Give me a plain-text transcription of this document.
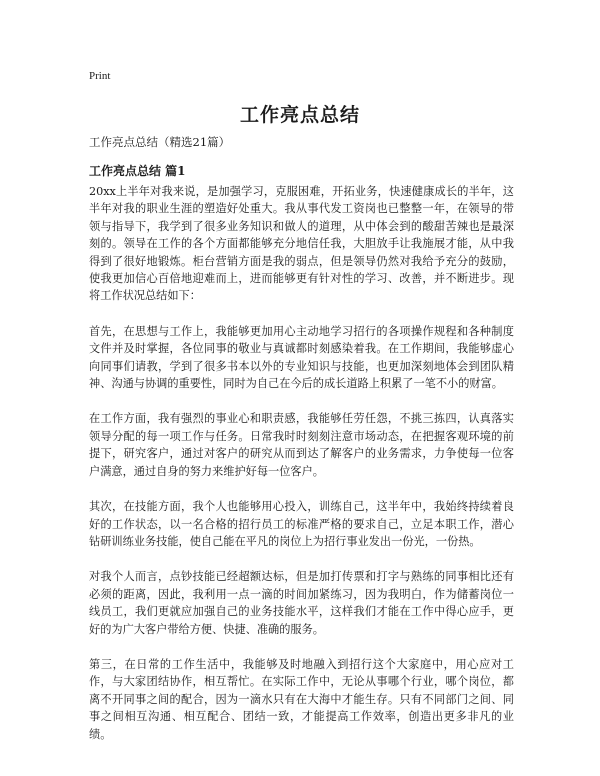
Print
工作亮点总结
工作亮点总结（精选21篇）
工作亮点总结 篇1

20xx上半年对我来说，是加强学习，克服困难，开拓业务，快速健康成长的半年，这半年对我的职业生涯的塑造好处重大。我从事代发工资岗也已整整一年，在领导的带领与指导下，我学到了很多业务知识和做人的道理，从中体会到的酸甜苦辣也是最深刻的。领导在工作的各个方面都能够充分地信任我，大胆放手让我施展才能，从中我得到了很好地锻炼。柜台营销方面是我的弱点，但是领导仍然对我给予充分的鼓励，使我更加信心百倍地迎难而上，进而能够更有针对性的学习、改善，并不断进步。现将工作状况总结如下：

首先，在思想与工作上，我能够更加用心主动地学习招行的各项操作规程和各种制度文件并及时掌握，各位同事的敬业与真诚都时刻感染着我。在工作期间，我能够虚心向同事们请教，学到了很多书本以外的专业知识与技能，也更加深刻地体会到团队精神、沟通与协调的重要性，同时为自己在今后的成长道路上积累了一笔不小的财富。

在工作方面，我有强烈的事业心和职责感，我能够任劳任怨，不挑三拣四，认真落实领导分配的每一项工作与任务。日常我时时刻刻注意市场动态，在把握客观环境的前提下，研究客户，通过对客户的研究从而到达了解客户的业务需求，力争使每一位客户满意，通过自身的努力来维护好每一位客户。

其次，在技能方面，我个人也能够用心投入，训练自己，这半年中，我始终持续着良好的工作状态，以一名合格的招行员工的标准严格的要求自己，立足本职工作，潜心钻研训练业务技能，使自己能在平凡的岗位上为招行事业发出一份光，一份热。

对我个人而言，点钞技能已经超额达标，但是加打传票和打字与熟练的同事相比还有必须的距离，因此，我利用一点一滴的时间加紧练习，因为我明白，作为储蓄岗位一线员工，我们更就应加强自己的业务技能水平，这样我们才能在工作中得心应手，更好的为广大客户带给方便、快捷、准确的服务。

第三，在日常的工作生活中，我能够及时地融入到招行这个大家庭中，用心应对工作，与大家团结协作，相互帮忙。在实际工作中，无论从事哪个行业，哪个岗位，都离不开同事之间的配合，因为一滴水只有在大海中才能生存。只有不同部门之间、同事之间相互沟通、相互配合、团结一致，才能提高工作效率，创造出更多非凡的业绩。
